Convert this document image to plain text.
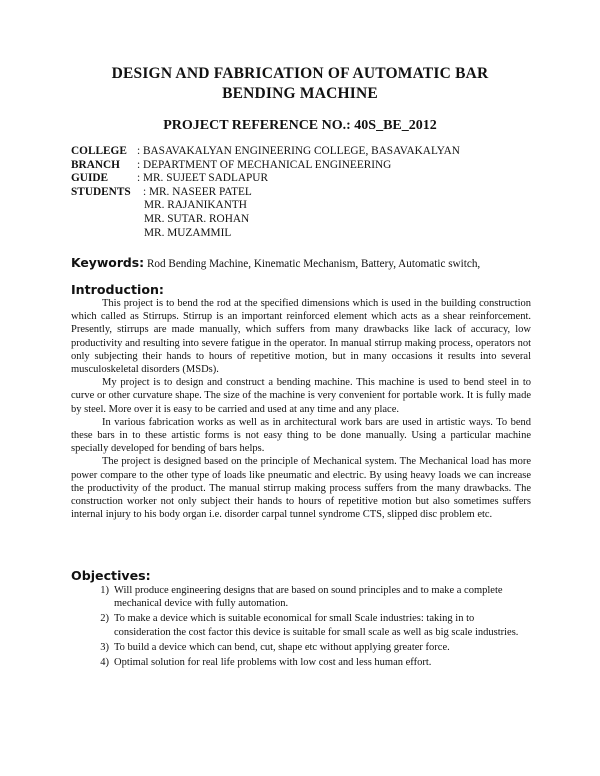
DESIGN AND FABRICATION OF AUTOMATIC BAR
BENDING MACHINE
PROJECT REFERENCE NO.: 40S_BE_2012
COLLEGE : BASAVAKALYAN ENGINEERING COLLEGE, BASAVAKALYAN
BRANCH	: DEPARTMENT OF MECHANICAL ENGINEERING
GUIDE	: MR. SUJEET SADLAPUR
STUDENTS	: MR. NASEER PATEL
MR. RAJANIKANTH
MR. SUTAR. ROHAN
MR. MUZAMMIL
Keywords: Rod Bending Machine, Kinematic Mechanism, Battery, Automatic switch,
Introduction:

This project is to bend the rod at the specified dimensions which is used in the building construction which called as Stirrups. Stirrup is an important reinforced element which acts as a shear reinforcement. Presently, stirrups are made manually, which suffers from many drawbacks like lack of accuracy, low productivity and resulting into severe fatigue in the operator. In manual stirrup making process, operators not only subjecting their hands to hours of repetitive motion, but in many occasions it results into several musculoskeletal disorders (MSDs).

My project is to design and construct a bending machine. This machine is used to bend steel in to curve or other curvature shape. The size of the machine is very convenient for portable work. It is fully made by steel. More over it is easy to be carried and used at any time and any place.

In various fabrication works as well as in architectural work bars are used in artistic ways. To bend these bars in to these artistic forms is not easy thing to be done manually. Using a particular machine specially developed for bending of bars helps.

The project is designed based on the principle of Mechanical system. The Mechanical load has more power compare to the other type of loads like pneumatic and electric. By using heavy loads we can increase the productivity of the product. The manual stirrup making process suffers from the many drawbacks. The construction worker not only subject their hands to hours of repetitive motion but also sometimes suffers internal injury to his body organ i.e. disorder carpal tunnel syndrome CTS, slipped disc problem etc.

Objectives:
1) Will produce engineering designs that are based on sound principles and to make a complete mechanical device with fully automation.
2) To make a device which is suitable economical for small Scale industries: taking in to consideration the cost factor this device is suitable for small scale as well as big scale industries.
3) To build a device which can bend, cut, shape etc without applying greater force.
4) Optimal solution for real life problems with low cost and less human effort.
